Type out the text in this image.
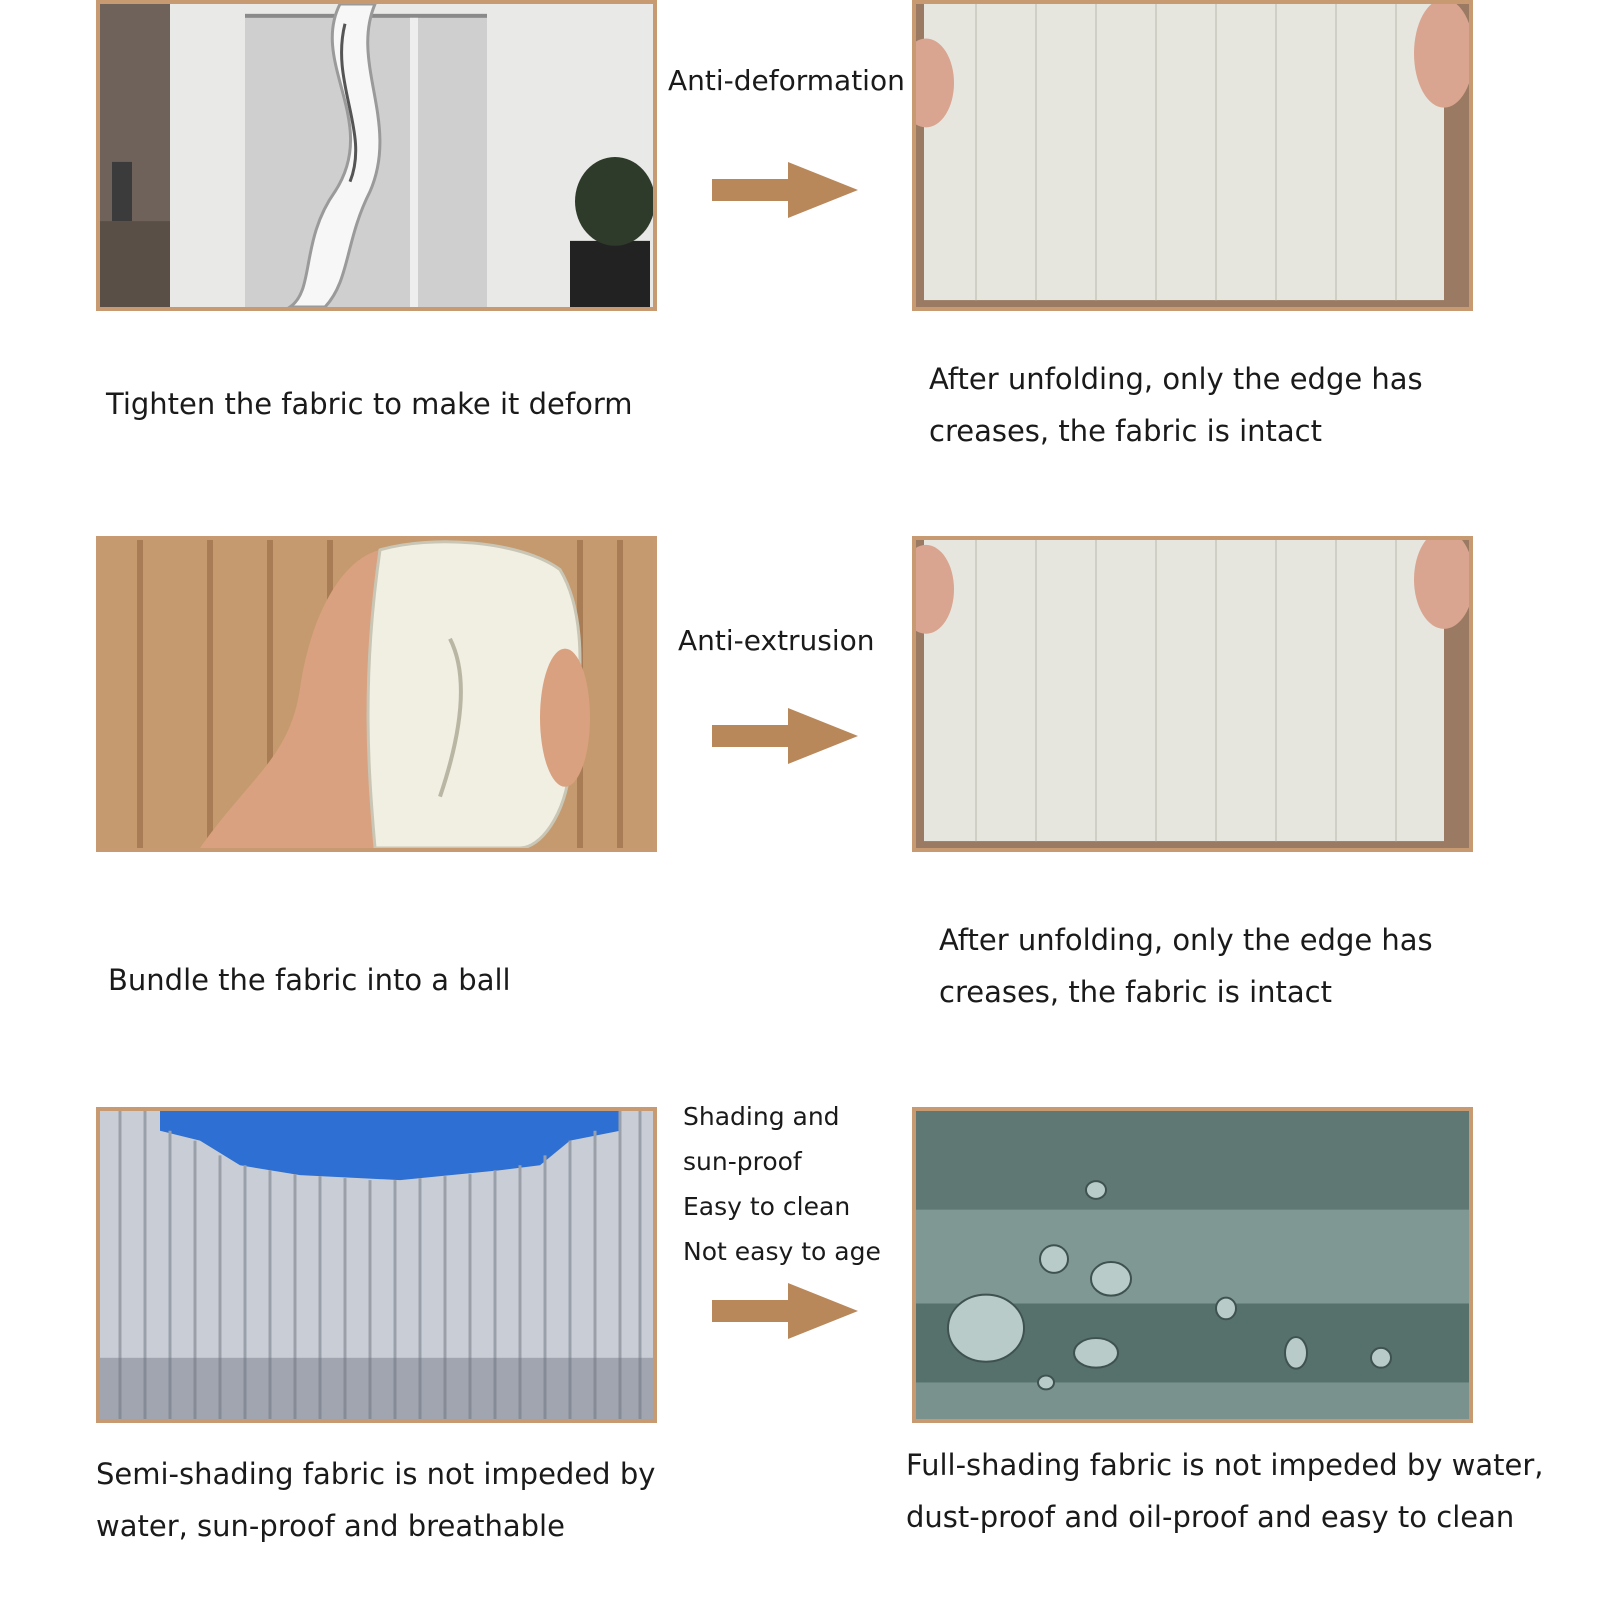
Anti-deformation

Tighten the fabric to make it deform

After unfolding, only the edge has

creases, the fabric is intact

Anti-extrusion

Bundle the fabric into a ball

After unfolding, only the edge has

creases, the fabric is intact

Shading and

sun-proof

Easy to clean

Not easy to age

Semi-shading fabric is not impeded by

water, sun-proof and breathable

Full-shading fabric is not impeded by water,

dust-proof and oil-proof and easy to clean
